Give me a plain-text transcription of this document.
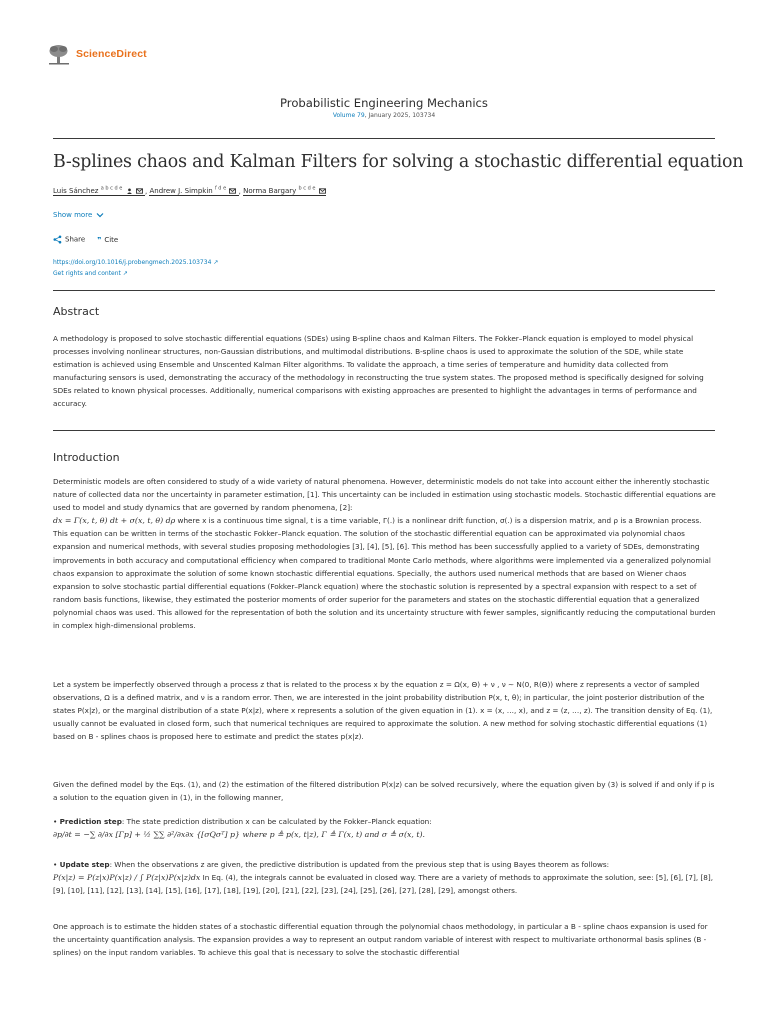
ScienceDirect
Probabilistic Engineering Mechanics
Volume 79, January 2025, 103734
B-splines chaos and Kalman Filters for solving a stochastic differential equation
Luis Sánchez $^{a b c d e}$	, Andrew J. Simpkin $^{f d e}$ , Norma Bargary $^{b c d e}$
Show more
Share ❞ Cite
https://doi.org/10.1016/j.probengmech.2025.103734 ↗
Get rights and content ↗
Abstract

A methodology is proposed to solve stochastic differential equations (SDEs) using B-spline chaos and Kalman Filters. The Fokker–Planck equation is employed to model physical processes involving nonlinear structures, non-Gaussian distributions, and multimodal distributions. B-spline chaos is used to approximate the solution of the SDE, while state estimation is achieved using Ensemble and Unscented Kalman Filter algorithms. To validate the approach, a time series of temperature and humidity data collected from manufacturing sensors is used, demonstrating the accuracy of the methodology in reconstructing the true system states. The proposed method is specifically designed for solving SDEs related to known physical processes. Additionally, numerical comparisons with existing approaches are presented to highlight the advantages in terms of performance and accuracy.

Introduction

Deterministic models are often considered to study of a wide variety of natural phenomena. However, deterministic models do not take into account either the inherently stochastic nature of collected data nor the uncertainty in parameter estimation, [1]. This uncertainty can be included in estimation using stochastic models. Stochastic differential equations are used to model and study dynamics that are governed by random phenomena, [2]:
dx = Γ(x, t, θ) dt + σ(x, t, θ) dρ where x is a continuous time signal, t is a time variable, Γ(.) is a nonlinear drift function, σ(.) is a dispersion matrix, and ρ is a Brownian process. This equation can be written in terms of the stochastic Fokker–Planck equation. The solution of the stochastic differential equation can be approximated via polynomial chaos expansion and numerical methods, with several studies proposing methodologies [3], [4], [5], [6]. This method has been successfully applied to a variety of SDEs, demonstrating improvements in both accuracy and computational efficiency when compared to traditional Monte Carlo methods, where algorithms were implemented via a generalized polynomial chaos expansion to approximate the solution of some known stochastic differential equations. Specially, the authors used numerical methods that are based on Wiener chaos expansion to solve stochastic partial differential equations (Fokker–Planck equation) where the stochastic solution is represented by a spectral expansion with respect to a set of random basis functions, likewise, they estimated the posterior moments of order superior for the parameters and states on the stochastic differential equation that a generalized polynomial chaos was used. This allowed for the representation of both the solution and its uncertainty structure with fewer samples, significantly reducing the computational burden in complex high-dimensional problems.

Let a system be imperfectly observed through a process z that is related to the process x by the equation z = Ω(x, Θ) + ν , ν ∼ N(0, R(Θ)) where z represents a vector of sampled observations, Ω is a defined matrix, and ν is a random error. Then, we are interested in the joint probability distribution P(x, t, θ); in particular, the joint posterior distribution of the states P(x|z), or the marginal distribution of a state P(x|z), where x represents a solution of the given equation in (1). x = (x, …, x), and z = (z, …, z). The transition density of Eq. (1), usually cannot be evaluated in closed form, such that numerical techniques are required to approximate the solution. A new method for solving stochastic differential equations (1) based on B - splines chaos is proposed here to estimate and predict the states p(x|z).

Given the defined model by the Eqs. (1), and (2) the estimation of the filtered distribution P(x|z) can be solved recursively, where the equation given by (3) is solved if and only if p is a solution to the equation given in (1), in the following manner,

• Prediction step: The state prediction distribution x can be calculated by the Fokker–Planck equation:
∂p/∂t = −∑ ∂/∂x [Γp] + ½ ∑∑ ∂²/∂x∂x {[σQσᵀ] p} where p ≜ p(x, t|z), Γ ≜ Γ(x, t) and σ ≜ σ(x, t).

• Update step: When the observations z are given, the predictive distribution is updated from the previous step that is using Bayes theorem as follows:
P(x|z) = P(z|x)P(x|z) / ∫ P(z|x)P(x|z)dx In Eq. (4), the integrals cannot be evaluated in closed way. There are a variety of methods to approximate the solution, see: [5], [6], [7], [8], [9], [10], [11], [12], [13], [14], [15], [16], [17], [18], [19], [20], [21], [22], [23], [24], [25], [26], [27], [28], [29], amongst others.

One approach is to estimate the hidden states of a stochastic differential equation through the polynomial chaos methodology, in particular a B - spline chaos expansion is used for the uncertainty quantification analysis. The expansion provides a way to represent an output random variable of interest with respect to multivariate orthonormal basis splines (B - splines) on the input random variables. To achieve this goal that is necessary to solve the stochastic differential
